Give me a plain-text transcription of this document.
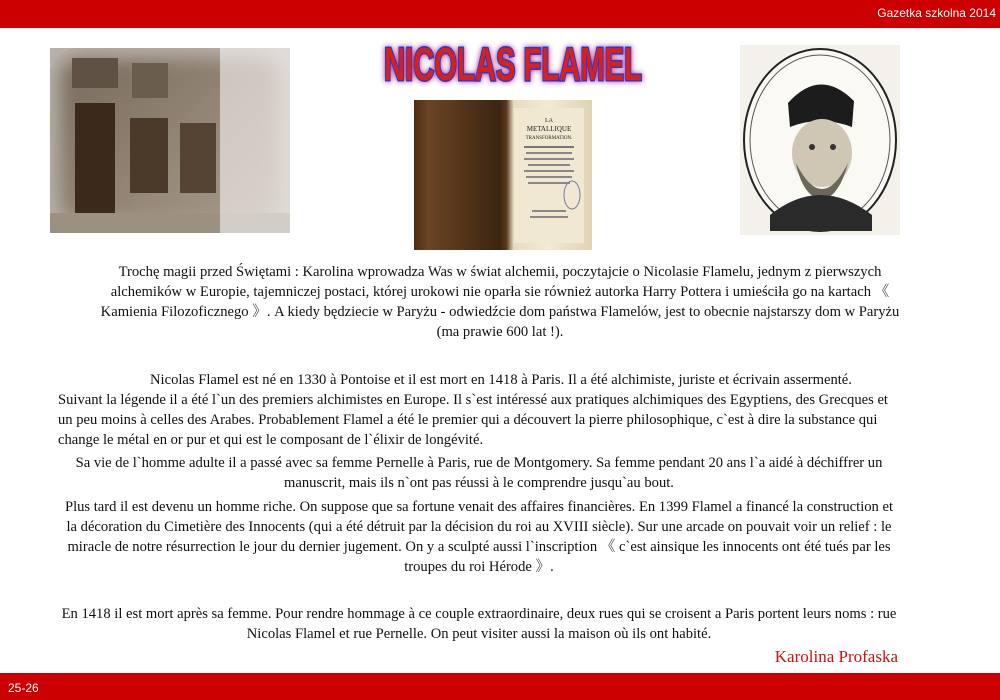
Gazetka szkolna 2014
NICOLAS FLAMEL
LA
METALLIQUE
TRANSFORMATION.
Trochę magii przed Świętami : Karolina wprowadza Was w świat alchemii, poczytajcie o Nicolasie Flamelu, jednym z pierwszych alchemików w Europie, tajemniczej postaci, której urokowi nie oparła sie również autorka Harry Pottera i umieściła go na kartach 《 Kamienia Filozoficznego 》. A kiedy będziecie w Paryżu - odwiedźcie dom państwa Flamelów, jest to obecnie najstarszy dom w Paryżu (ma prawie 600 lat !).
Nicolas Flamel est né en 1330 à Pontoise et il est mort en 1418 à Paris. Il a été alchimiste, juriste et écrivain assermenté. Suivant la légende il a été l`un des premiers alchimistes en Europe. Il s`est intéressé aux pratiques alchimiques des Egyptiens, des Grecques et un peu moins à celles des Arabes. Probablement Flamel a été le premier qui a découvert la pierre philosophique, c`est à dire la substance qui change le métal en or pur et qui est le composant de l`élixir de longévité.
Sa vie de l`homme adulte il a passé avec sa femme Pernelle à Paris, rue de Montgomery. Sa femme pendant 20 ans l`a aidé à déchiffrer un manuscrit, mais ils n`ont pas réussi à le comprendre jusqu`au bout.
Plus tard il est devenu un homme riche. On suppose que sa fortune venait des affaires financières. En 1399 Flamel a financé la construction et la décoration du Cimetière des Innocents (qui a été détruit par la décision du roi au XVIII siècle). Sur une arcade on pouvait voir un relief : le miracle de notre résurrection le jour du dernier jugement. On y a sculpté aussi l`inscription 《 c`est ainsique les innocents ont été tués par les troupes du roi Hérode 》.
En 1418 il est mort après sa femme. Pour rendre hommage à ce couple extraordinaire, deux rues qui se croisent a Paris portent leurs noms : rue Nicolas Flamel et rue Pernelle. On peut visiter aussi la maison où ils ont habité.
Karolina Profaska
25-26
